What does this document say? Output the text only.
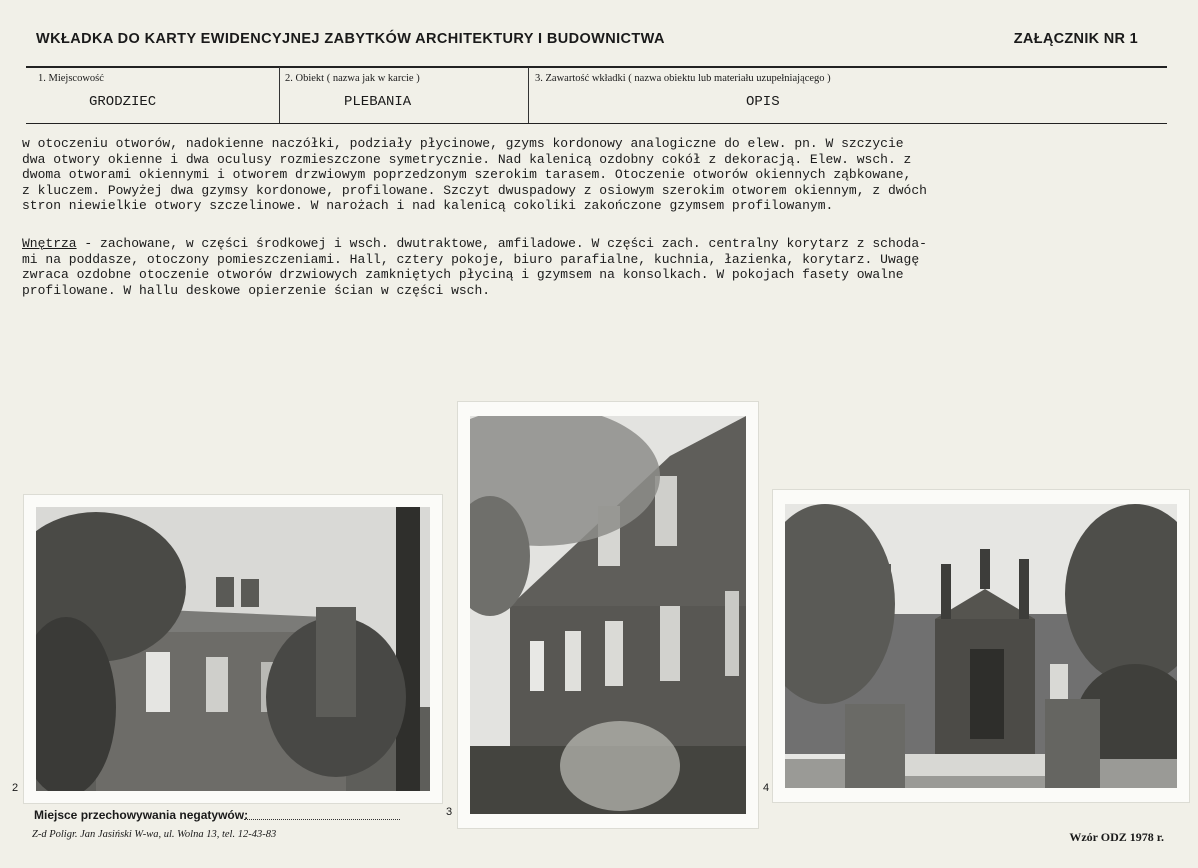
WKŁADKA DO KARTY EWIDENCYJNEJ ZABYTKÓW ARCHITEKTURY I BUDOWNICTWA	ZAŁĄCZNIK NR 1
1. Miejscowość
GRODZIEC
2. Obiekt ( nazwa jak w karcie )
PLEBANIA
3. Zawartość wkładki ( nazwa obiektu lub materiału uzupełniającego )
OPIS
w otoczeniu otworów, nadokienne naczółki, podziały płycinowe, gzyms kordonowy analogiczne do elew. pn. W szczycie
dwa otwory okienne i dwa oculusy rozmieszczone symetrycznie. Nad kalenicą ozdobny cokół z dekoracją. Elew. wsch. z
dwoma otworami okiennymi i otworem drzwiowym poprzedzonym szerokim tarasem. Otoczenie otworów okiennych ząbkowane,
z kluczem. Powyżej dwa gzymsy kordonowe, profilowane. Szczyt dwuspadowy z osiowym szerokim otworem okiennym, z dwóch
stron niewielkie otwory szczelinowe. W narożach i nad kalenicą cokoliki zakończone gzymsem profilowanym.
Wnętrza - zachowane, w części środkowej i wsch. dwutraktowe, amfiladowe. W części zach. centralny korytarz z schoda-
mi na poddasze, otoczony pomieszczeniami. Hall, cztery pokoje, biuro parafialne, kuchnia, łazienka, korytarz. Uwagę
zwraca ozdobne otoczenie otworów drzwiowych zamkniętych płyciną i gzymsem na konsolkach. W pokojach fasety owalne
profilowane. W hallu deskowe opierzenie ścian w części wsch.
2
3
4
Miejsce przechowywania negatywów:
Z-d Poligr. Jan Jasiński W-wa, ul. Wolna 13, tel. 12-43-83	Wzór ODZ 1978 r.
